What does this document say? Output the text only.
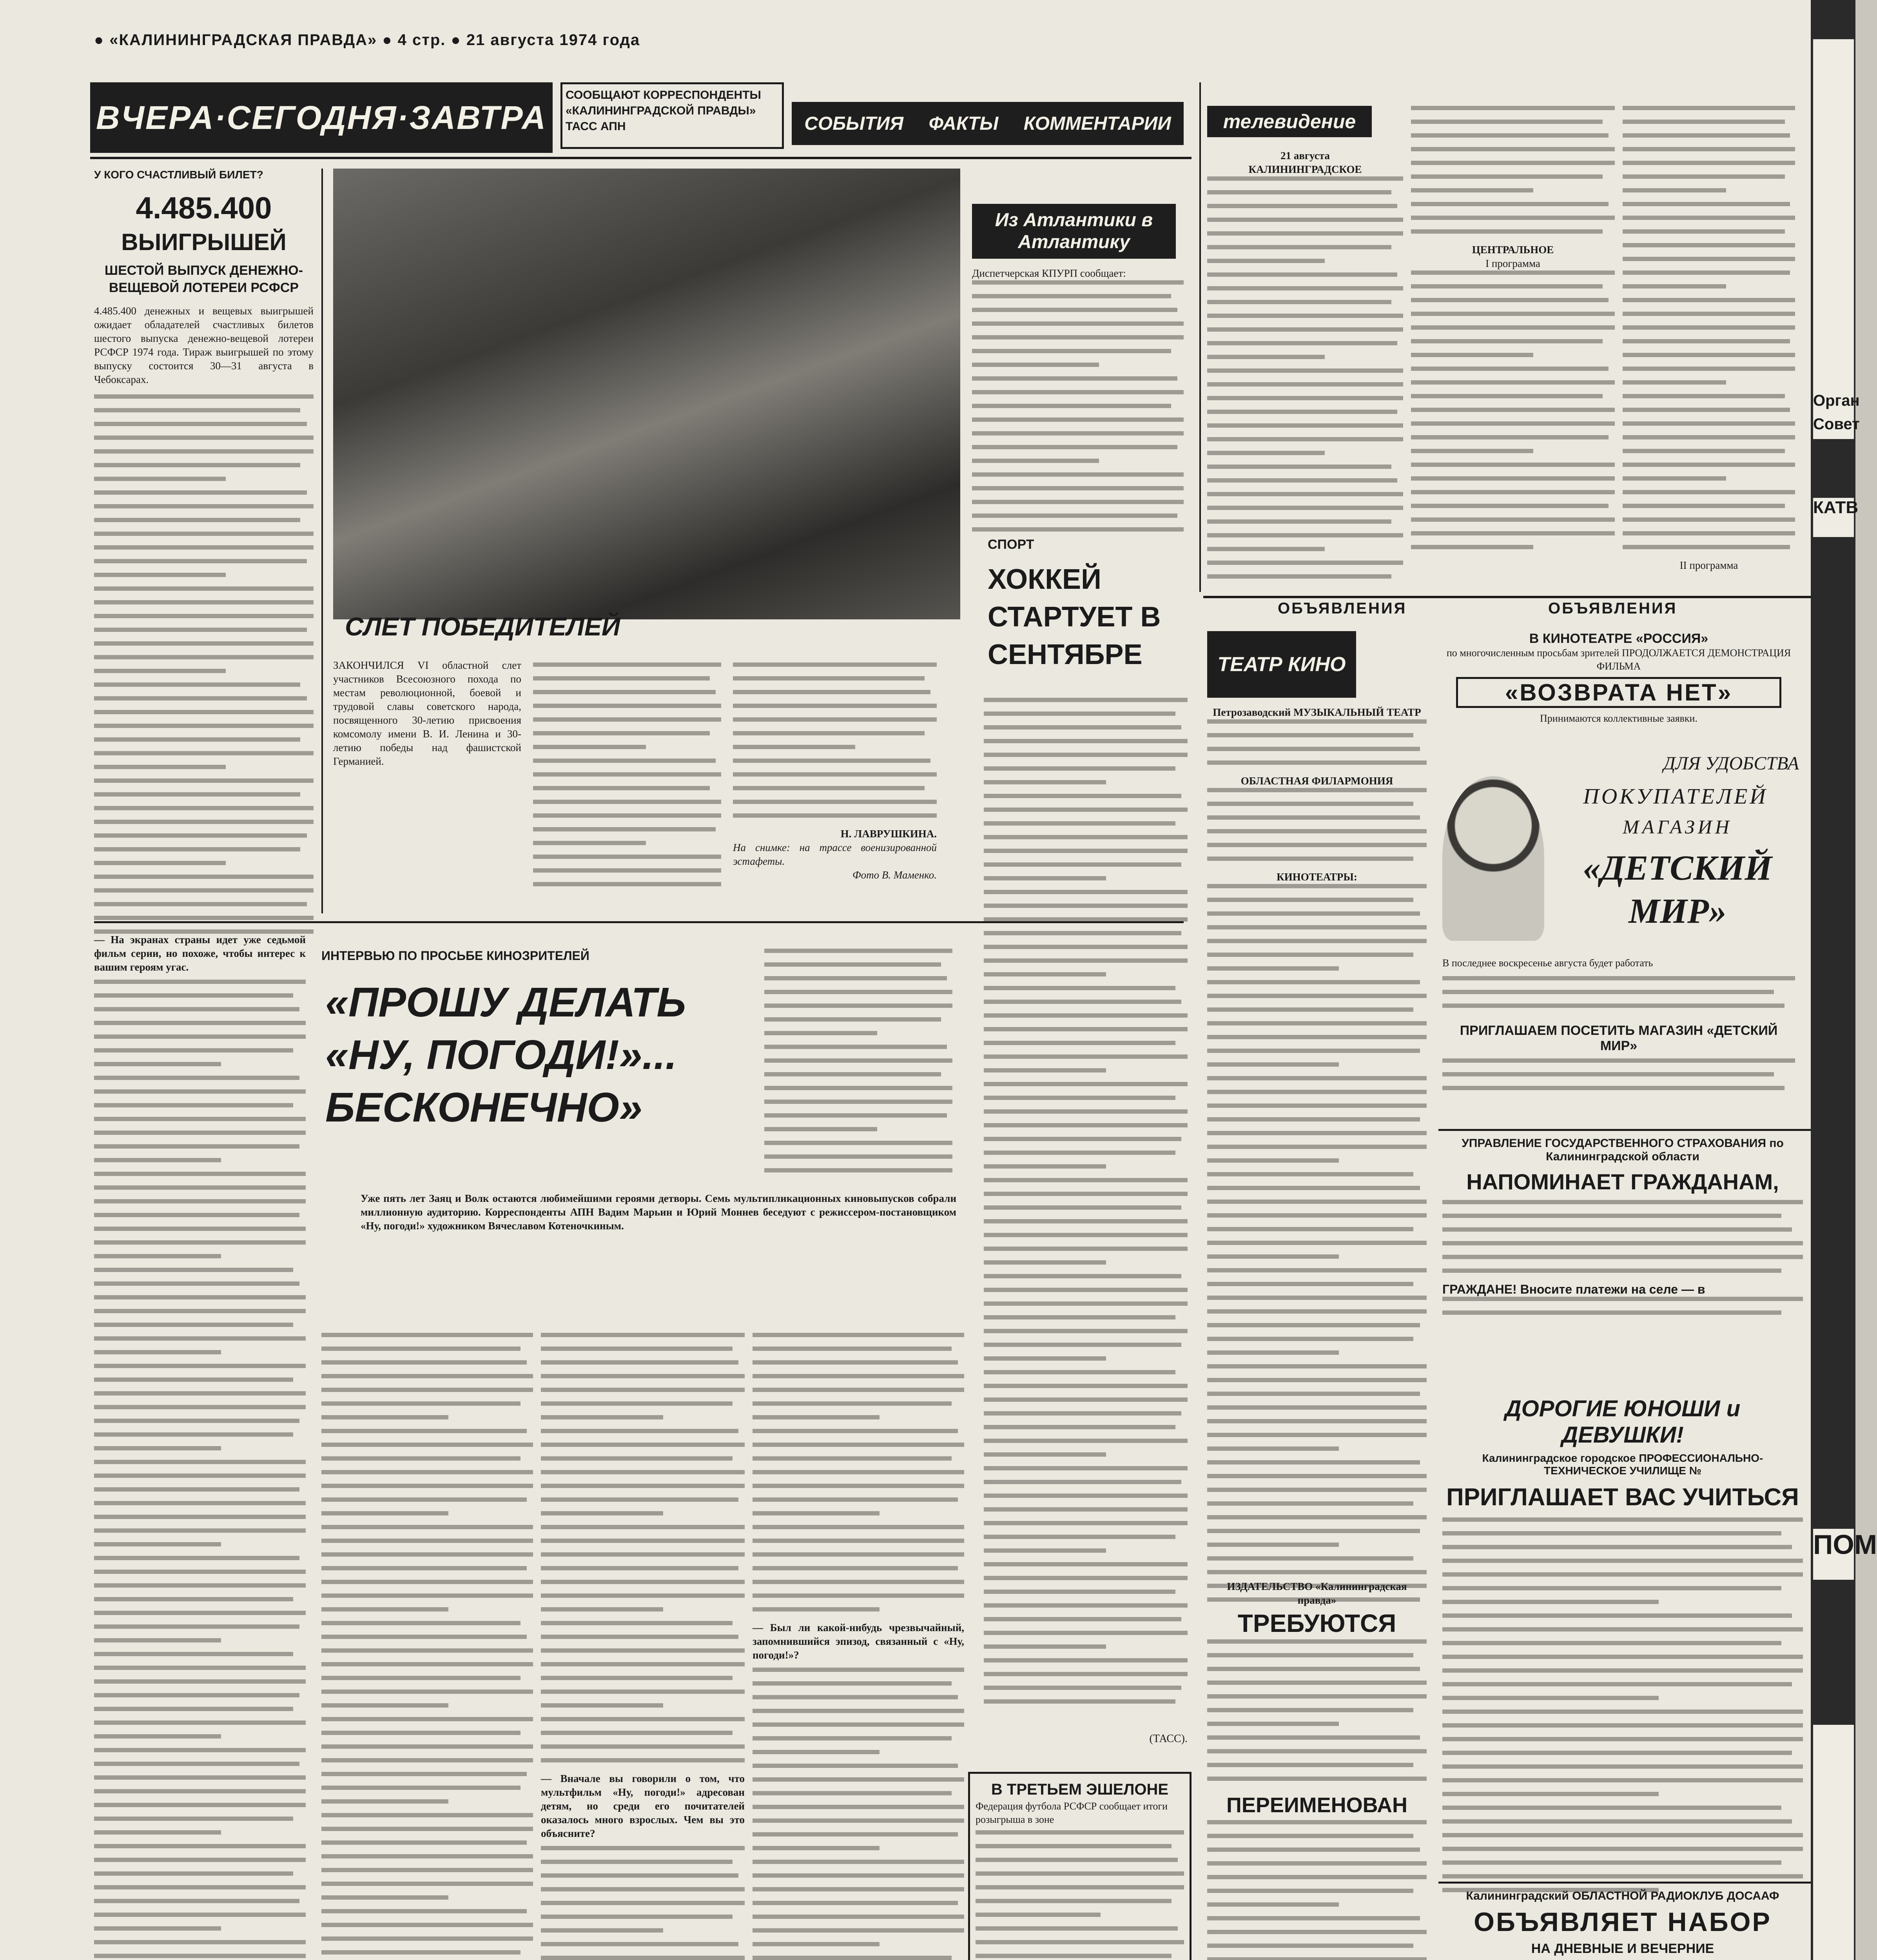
● «КАЛИНИНГРАДСКАЯ ПРАВДА» ● 4 стр. ● 21 августа 1974 года
ВЧЕРА·СЕГОДНЯ·ЗАВТРА
СООБЩАЮТ КОРРЕСПОНДЕНТЫ «КАЛИНИНГРАДСКОЙ ПРАВДЫ» ТАСС АПН	СОБЫТИЯ ФАКТЫ КОММЕНТАРИИ
У КОГО СЧАСТЛИВЫЙ БИЛЕТ?
4.485.400
ВЫИГРЫШЕЙ
ШЕСТОЙ ВЫПУСК ДЕНЕЖНО-ВЕЩЕВОЙ ЛОТЕРЕИ РСФСР
4.485.400 денежных и вещевых выигрышей ожидает обладателей счастливых билетов шестого выпуска денежно-вещевой лотереи РСФСР 1974 года. Тираж выигрышей по этому выпуску состоится 30—31 августа в Чебоксарах.
СЛЕТ ПОБЕДИТЕЛЕЙ
ЗАКОНЧИЛСЯ VI областной слет участников Всесоюзного похода по местам революционной, боевой и трудовой славы советского народа, посвященного 30-летию присвоения комсомолу имени В. И. Ленина и 30-летию победы над фашистской Германией.
Н. ЛАВРУШКИНА.
На снимке: на трассе военизированной эстафеты.
Фото В. Маменко.
Из Атлантики в Атлантику
Диспетчерская КПУРП сообщает:
СПОРТ
ХОККЕЙ СТАРТУЕТ В СЕНТЯБРЕ
(ТАСС).
В ТРЕТЬЕМ ЭШЕЛОНЕ
Федерация футбола РСФСР сообщает итоги розыгрыша в зоне
— На экранах страны идет уже седьмой фильм серии, но похоже, чтобы интерес к вашим героям угас.
ИНТЕРВЬЮ ПО ПРОСЬБЕ КИНОЗРИТЕЛЕЙ
«ПРОШУ ДЕЛАТЬ «НУ, ПОГОДИ!»... БЕСКОНЕЧНО»
Уже пять лет Заяц и Волк остаются любимейшими героями детворы. Семь мультипликационных киновыпусков собрали миллионную аудиторию. Корреспонденты АПН Вадим Марьин и Юрий Моннев беседуют с режиссером-постановщиком «Ну, погоди!» художником Вячеславом Котеночкиным.
— Вначале вы говорили о том, что мультфильм «Ну, погоди!» адресован детям, но среди его почитателей оказалось много взрослых. Чем вы это объясните?
— Был ли какой-нибудь чрезвычайный, запомнившийся эпизод, связанный с «Ну, погоди!»?
телевидение
21 августа
КАЛИНИНГРАДСКОЕ
ЦЕНТРАЛЬНОЕ
I программа
II программа
ОБЪЯВЛЕНИЯ	ОБЪЯВЛЕНИЯ
ТЕАТР КИНО
Петрозаводский МУЗЫКАЛЬНЫЙ ТЕАТР
ОБЛАСТНАЯ ФИЛАРМОНИЯ
КИНОТЕАТРЫ:
В КИНОТЕАТРЕ «РОССИЯ»
по многочисленным просьбам зрителей ПРОДОЛЖАЕТСЯ ДЕМОНСТРАЦИЯ ФИЛЬМА
«ВОЗВРАТА НЕТ»
Принимаются коллективные заявки.
ДЛЯ УДОБСТВА
ПОКУПАТЕЛЕЙ
МАГАЗИН
«ДЕТСКИЙ МИР»
В последнее воскресенье августа будет работать
ПРИГЛАШАЕМ ПОСЕТИТЬ МАГАЗИН «ДЕТСКИЙ МИР»
УПРАВЛЕНИЕ ГОСУДАРСТВЕННОГО СТРАХОВАНИЯ по Калининградской области
НАПОМИНАЕТ ГРАЖДАНАМ,
ГРАЖДАНЕ! Вносите платежи на селе — в
ДОРОГИЕ ЮНОШИ и ДЕВУШКИ!
Калининградское городское ПРОФЕССИОНАЛЬНО-ТЕХНИЧЕСКОЕ УЧИЛИЩЕ №
ПРИГЛАШАЕТ ВАС УЧИТЬСЯ
ИЗДАТЕЛЬСТВО «Калининградская правда»
ТРЕБУЮТСЯ
ПЕРЕИМЕНОВАН
Калининградский ОБЛАСТНОЙ РАДИОКЛУБ ДОСААФ
ОБЪЯВЛЯЕТ НАБОР
НА ДНЕВНЫЕ И ВЕЧЕРНИЕ
Орган
Совет
КАТВ
ПОМ
